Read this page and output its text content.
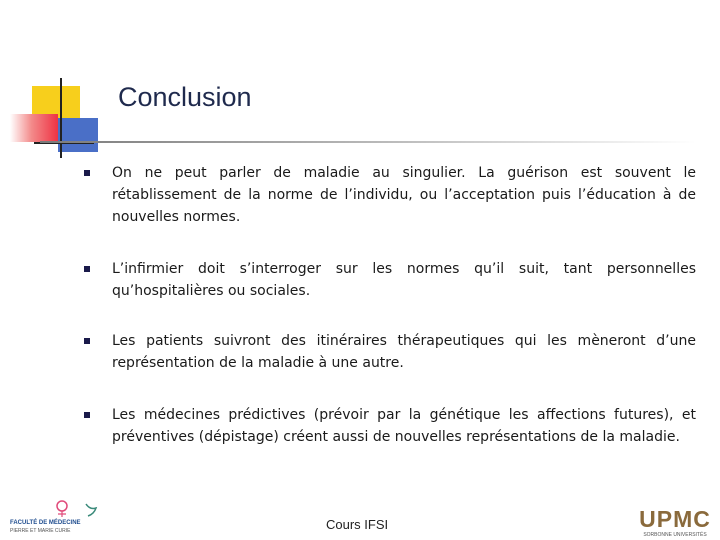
Conclusion
On ne peut parler de maladie au singulier. La guérison est souvent le rétablissement de la norme de l’individu, ou l’acceptation puis l’éducation à de nouvelles normes.
L’infirmier doit s’interroger sur les normes qu’il suit, tant personnelles qu’hospitalières ou sociales.
Les patients suivront des itinéraires thérapeutiques qui les mèneront d’une représentation de la maladie à une autre.
Les médecines prédictives (prévoir par la génétique les affections futures), et préventives (dépistage) créent aussi de nouvelles représentations de la maladie.
FACULTÉ DE MÉDECINE
PIERRE ET MARIE CURIE	Cours IFSI	UPMC
SORBONNE UNIVERSITÉS
